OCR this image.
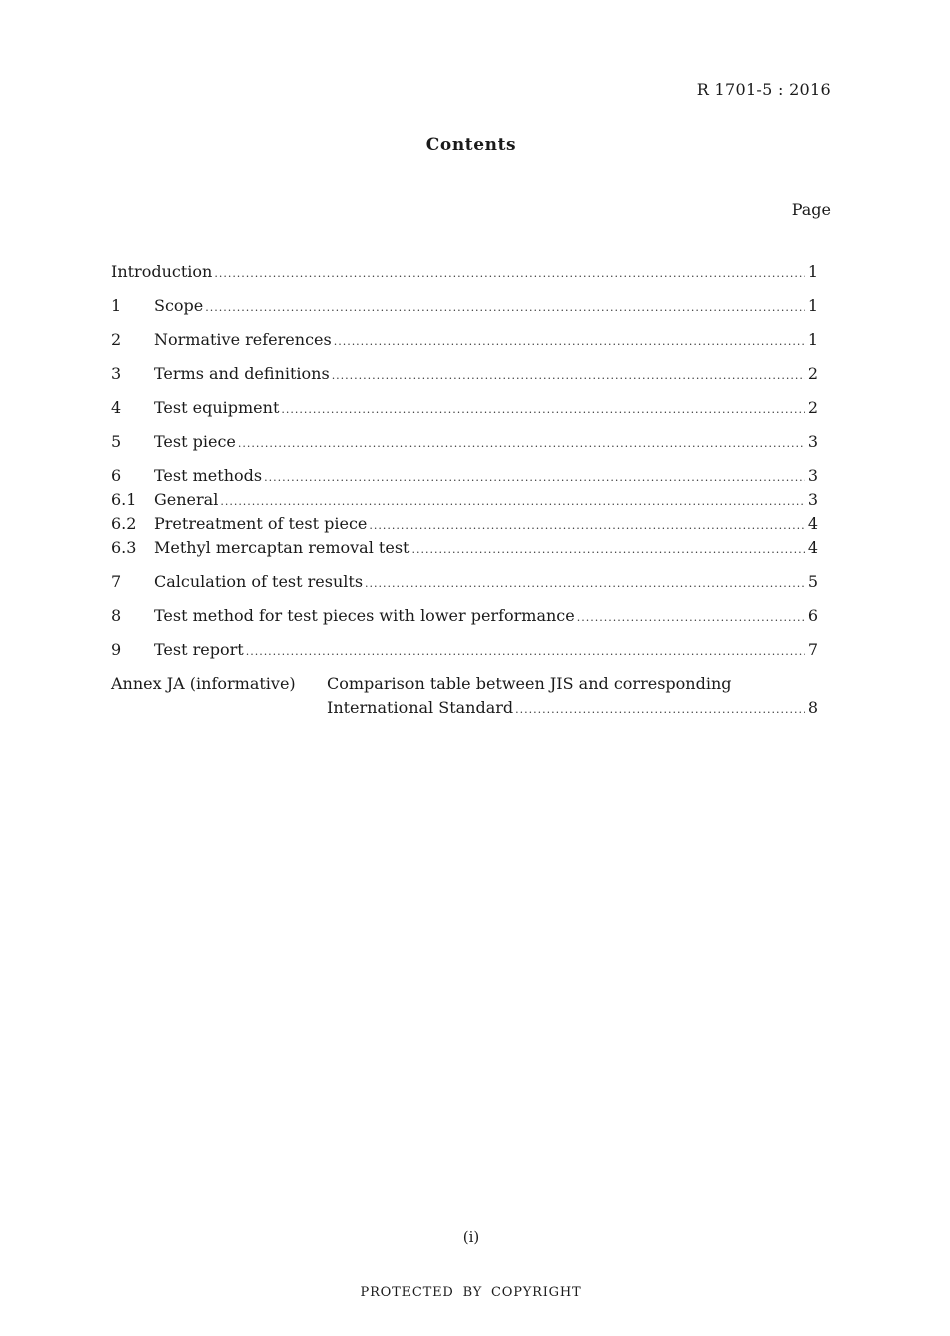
R 1701-5 : 2016
Contents
Page
Introduction .....	1
1	Scope .....	1
2	Normative references .....	1
3	Terms and definitions .....	2
4	Test equipment .....	2
5	Test piece .....	3
6	Test methods .....	3
6.1	General .....	3
6.2	Pretreatment of test piece .....	4
6.3	Methyl mercaptan removal test .....	4
7	Calculation of test results .....	5
8	Test method for test pieces with lower performance .....	6
9	Test report .....	7
Annex JA (informative) Comparison table between JIS and corresponding
International Standard .....	8
(i)
PROTECTED BY COPYRIGHT
